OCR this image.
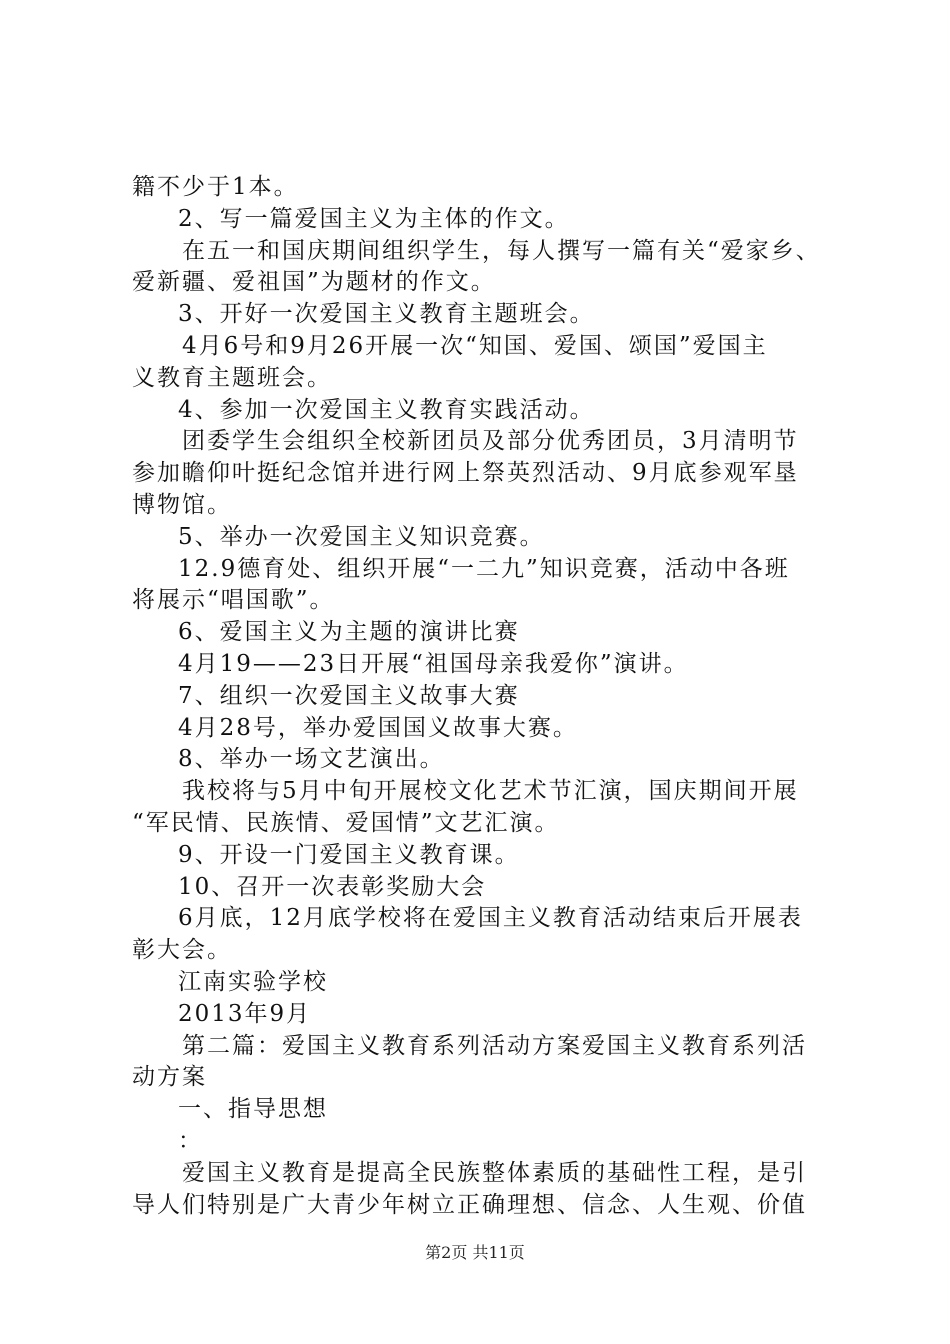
籍不少于1本。
2、写一篇爱国主义为主体的作文。
在五一和国庆期间组织学生，每人撰写一篇有关“爱家乡、
爱新疆、爱祖国”为题材的作文。
3、开好一次爱国主义教育主题班会。
4月6号和9月26开展一次“知国、爱国、颂国”爱国主
义教育主题班会。
4、参加一次爱国主义教育实践活动。
团委学生会组织全校新团员及部分优秀团员，3月清明节
参加瞻仰叶挺纪念馆并进行网上祭英烈活动、9月底参观军垦
博物馆。
5、举办一次爱国主义知识竞赛。
12.9德育处、组织开展“一二九”知识竞赛，活动中各班
将展示“唱国歌”。
6、爱国主义为主题的演讲比赛
4月19——23日开展“祖国母亲我爱你”演讲。
7、组织一次爱国主义故事大赛
4月28号，举办爱国国义故事大赛。
8、举办一场文艺演出。
我校将与5月中旬开展校文化艺术节汇演，国庆期间开展
“军民情、民族情、爱国情”文艺汇演。
9、开设一门爱国主义教育课。
10、召开一次表彰奖励大会
6月底，12月底学校将在爱国主义教育活动结束后开展表
彰大会。
江南实验学校
2013年9月
第二篇：爱国主义教育系列活动方案爱国主义教育系列活
动方案
一、指导思想
：
爱国主义教育是提高全民族整体素质的基础性工程，是引
导人们特别是广大青少年树立正确理想、信念、人生观、价值
第2页 共11页
